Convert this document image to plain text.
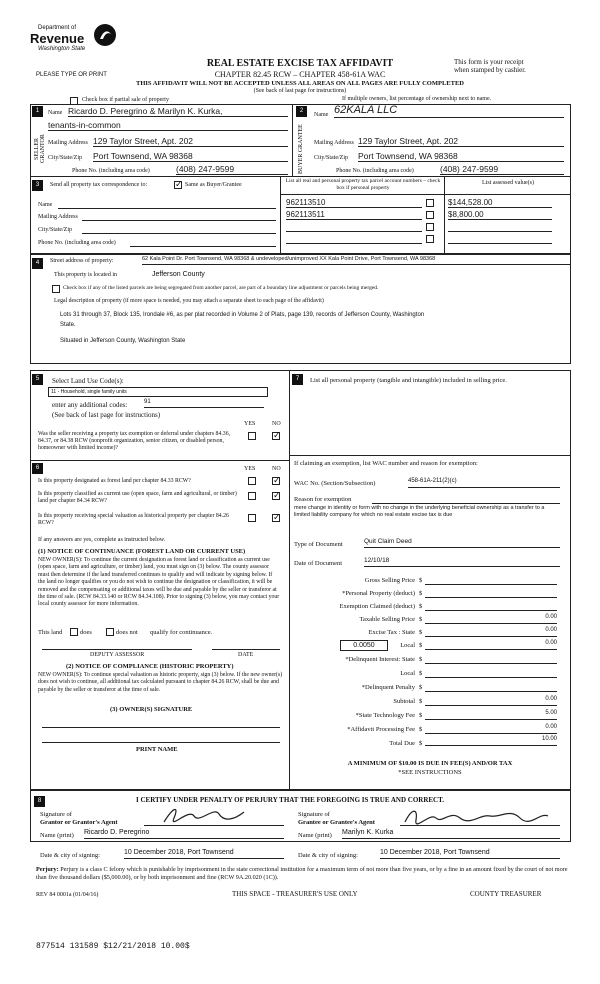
Department of
Revenue
Washington State
PLEASE TYPE OR PRINT
REAL ESTATE EXCISE TAX AFFIDAVIT
CHAPTER 82.45 RCW – CHAPTER 458-61A WAC
THIS AFFIDAVIT WILL NOT BE ACCEPTED UNLESS ALL AREAS ON ALL PAGES ARE FULLY COMPLETED
(See back of last page for instructions)
This form is your receipt
when stamped by cashier.
Check box if partial sale of property	If multiple owners, list percentage of ownership next to name.
1
SELLER GRANTOR
Name Ricardo D. Peregrino & Marilyn K. Kurka,
tenants-in-common
Mailing Address 129 Taylor Street, Apt. 202
City/State/Zip Port Townsend, WA 98368
Phone No. (including area code)	(408) 247-9599
2
BUYER GRANTEE
Name 62KALA LLC
Mailing Address 129 Taylor Street, Apt. 202
City/State/Zip Port Townsend, WA 98368
Phone No. (including area code)	(408) 247-9599
3	Send all property tax correspondence to:
✓	Same as Buyer/Grantee
Name
Mailing Address
City/State/Zip
Phone No. (including area code)
List all real and personal property tax parcel account numbers – check box if personal property
List assessed value(s)
962113510	$144,528.00
962113511	$8,800.00
4	Street address of property:	62 Kala Point Dr. Port Townsend, WA 98368 & undeveloped/unimproved XX Kala Point Drive, Port Townsend, WA 98368
This property is located in	Jefferson County
Check box if any of the listed parcels are being segregated from another parcel, are part of a boundary line adjustment or parcels being merged.
Legal description of property (if more space is needed, you may attach a separate sheet to each page of the affidavit)
Lots 31 through 37, Block 135, Irondale #6, as per plat recorded in Volume 2 of Plats, page 139, records of Jefferson County, Washington
State.
Situated in Jefferson County, Washington State
5	Select Land Use Code(s):
11 - Household, single family units
enter any additional codes:	91
(See back of last page for instructions)
YES	NO
Was the seller receiving a property tax exemption or deferral under chapters 84.36, 84.37, or 84.38 RCW (nonprofit organization, senior citizen, or disabled person, homeowner with limited income)?
✓
6	YES	NO
Is this property designated as forest land per chapter 84.33 RCW?
✓
Is this property classified as current use (open space, farm and agricultural, or timber) land per chapter 84.34 RCW?
✓
Is this property receiving special valuation as historical property per chapter 84.26 RCW?
✓
If any answers are yes, complete as instructed below.
(1) NOTICE OF CONTINUANCE (FOREST LAND OR CURRENT USE)
NEW OWNER(S): To continue the current designation as forest land or classification as current use (open space, farm and agriculture, or timber) land, you must sign on (3) below. The county assessor must then determine if the land transferred continues to qualify and will indicate by signing below. If the land no longer qualifies or you do not wish to continue the designation or classification, it will be removed and the compensating or additional taxes will be due and payable by the seller or transferor at the time of sale. (RCW 84.33.140 or RCW 84.34.108). Prior to signing (3) below, you may contact your local county assessor for more information.
This land	does	does not qualify for continuance.
DEPUTY ASSESSOR	DATE
(2) NOTICE OF COMPLIANCE (HISTORIC PROPERTY)
NEW OWNER(S): To continue special valuation as historic property, sign (3) below. If the new owner(s) does not wish to continue, all additional tax calculated pursuant to chapter 84.26 RCW, shall be due and payable by the seller or transferor at the time of sale.
(3) OWNER(S) SIGNATURE
PRINT NAME
7	List all personal property (tangible and intangible) included in selling price.
If claiming an exemption, list WAC number and reason for exemption:
WAC No. (Section/Subsection)	458-61A-211(2)(c)
Reason for exemption
mere change in identity or form with no change in the underlying beneficial ownership as a transfer to a limited liability company for which no real estate excise tax is due
Type of Document	Quit Claim Deed
Date of Document	12/10/18
Gross Selling Price $
*Personal Property (deduct) $
Exemption Claimed (deduct) $
Taxable Selling Price $	0.00
Excise Tax : State $	0.00
0.0050	Local $	0.00
*Delinquent Interest: State $
Local $
*Delinquent Penalty $
Subtotal $	0.00
*State Technology Fee $	5.00
*Affidavit Processing Fee $	0.00
Total Due $
10.00
A MINIMUM OF $10.00 IS DUE IN FEE(S) AND/OR TAX
*SEE INSTRUCTIONS
8	I CERTIFY UNDER PENALTY OF PERJURY THAT THE FOREGOING IS TRUE AND CORRECT.
Signature of
Grantor or Grantor's Agent
Signature of
Grantee or Grantee's Agent
Name (print) Ricardo D. Peregrino	Name (print) Marilyn K. Kurka
Date & city of signing:	10 December 2018, Port Townsend	Date & city of signing:	10 December 2018, Port Townsend
Perjury: Perjury is a class C felony which is punishable by imprisonment in the state correctional institution for a maximum term of not more than five years, or by a fine in an amount fixed by the court of not more than five thousand dollars ($5,000.00), or by both imprisonment and fine (RCW 9A.20.020 (1C)).
REV 84 0001a (01/04/16)	THIS SPACE - TREASURER'S USE ONLY	COUNTY TREASURER
877514 131589 $12/21/2018 10.00$
